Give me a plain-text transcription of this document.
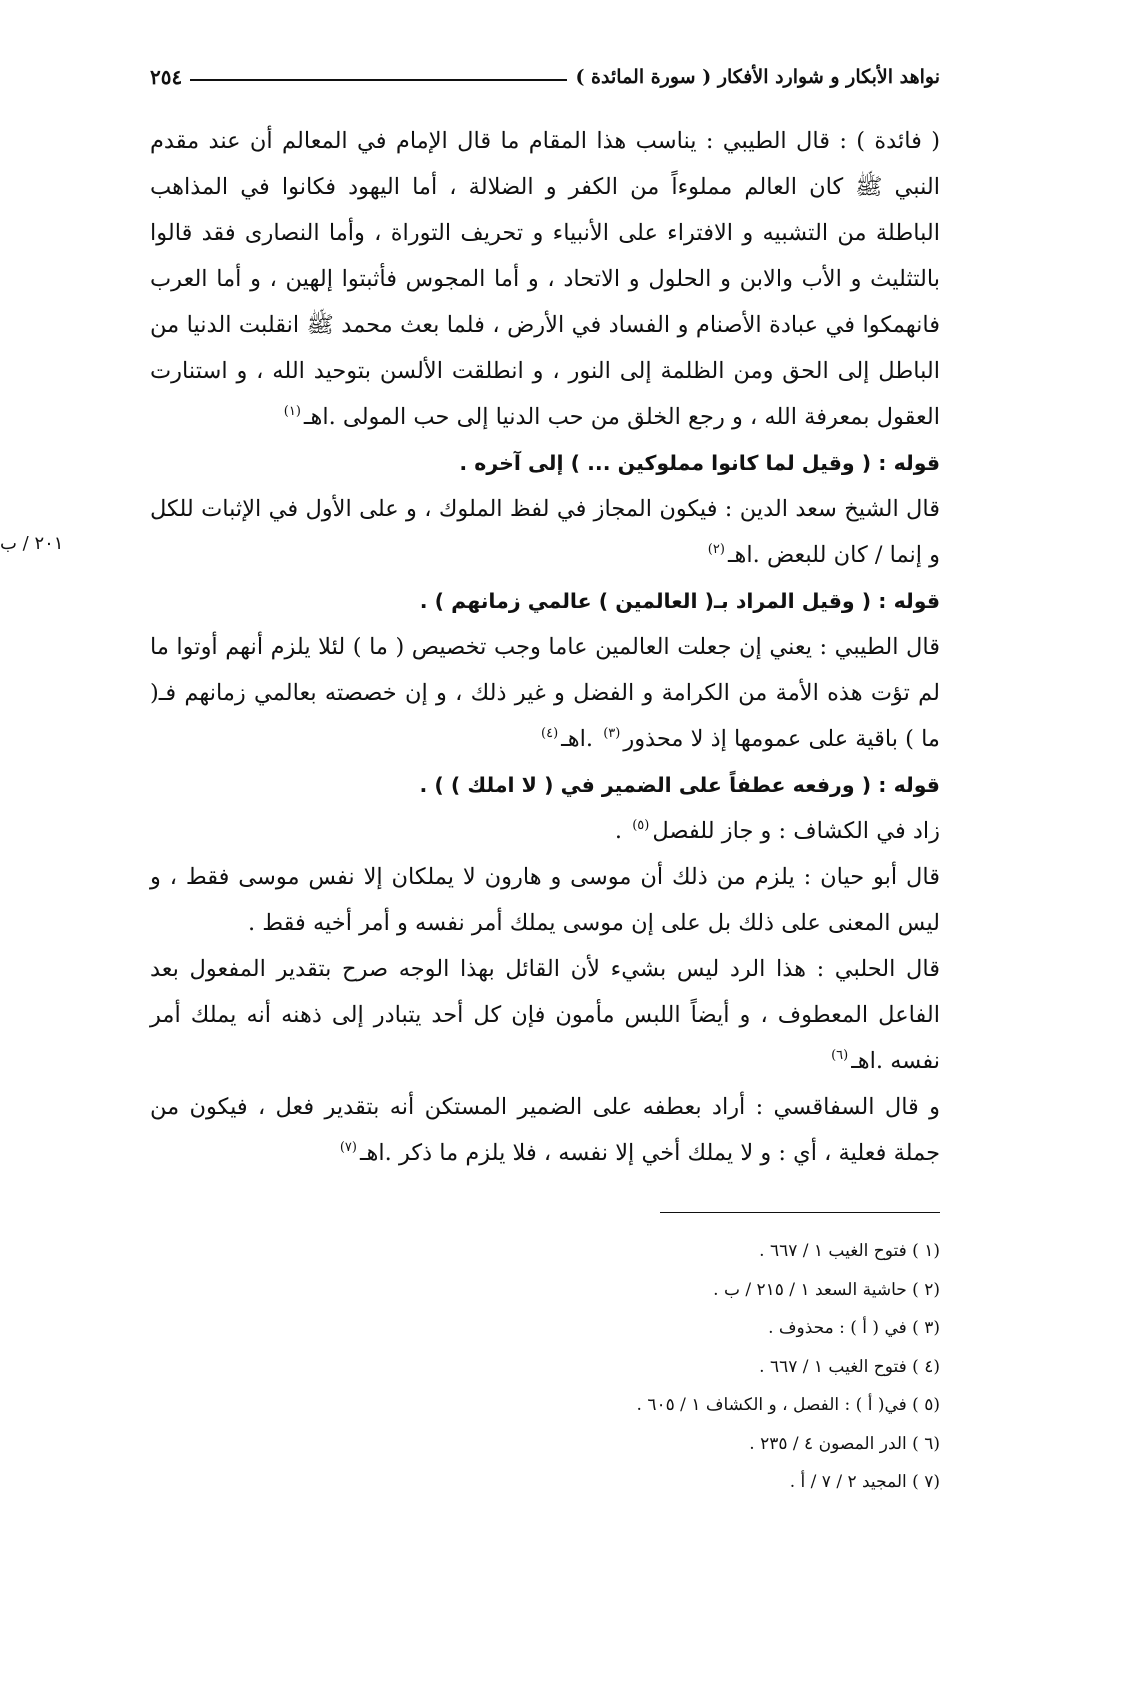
نواهد الأبكار و شوارد الأفكار ( سورة المائدة )
٢٥٤

( فائدة ) : قال الطيبي : يناسب هذا المقام ما قال الإمام في المعالم أن عند مقدم النبي ﷺ كان العالم مملوءاً من الكفر و الضلالة ، أما اليهود فكانوا في المذاهب الباطلة من التشبيه و الافتراء على الأنبياء و تحريف التوراة ، وأما النصارى فقد قالوا بالتثليث و الأب والابن و الحلول و الاتحاد ، و أما المجوس فأثبتوا إلهين ، و أما العرب فانهمكوا في عبادة الأصنام و الفساد في الأرض ، فلما بعث محمد ﷺ انقلبت الدنيا من الباطل إلى الحق ومن الظلمة إلى النور ، و انطلقت الألسن بتوحيد الله ، و استنارت العقول بمعرفة الله ، و رجع الخلق من حب الدنيا إلى حب المولى .اهـ$^{(١)}$

قوله : ( وقيل لما كانوا مملوكين ... ) إلى آخره .

قال الشيخ سعد الدين : فيكون المجاز في لفظ الملوك ، و على الأول في الإثبات للكل و إنما / كان للبعض .اهـ$^{(٢)}$

قوله : ( وقيل المراد بـ( العالمين ) عالمي زمانهم ) .

قال الطيبي : يعني إن جعلت العالمين عاما وجب تخصيص ( ما ) لئلا يلزم أنهم أوتوا ما لم تؤت هذه الأمة من الكرامة و الفضل و غير ذلك ، و إن خصصته بعالمي زمانهم فـ( ما ) باقية على عمومها إذ لا محذور$^{(٣)}$ .اهـ$^{(٤)}$

قوله : ( ورفعه عطفاً على الضمير في ( لا املك ) ) .

زاد في الكشاف : و جاز للفصل$^{(٥)}$ .

قال أبو حيان : يلزم من ذلك أن موسى و هارون لا يملكان إلا نفس موسى فقط ، و ليس المعنى على ذلك بل على إن موسى يملك أمر نفسه و أمر أخيه فقط .

قال الحلبي : هذا الرد ليس بشيء لأن القائل بهذا الوجه صرح بتقدير المفعول بعد الفاعل المعطوف ، و أيضاً اللبس مأمون فإن كل أحد يتبادر إلى ذهنه أنه يملك أمر نفسه .اهـ$^{(٦)}$

و قال السفاقسي : أراد بعطفه على الضمير المستكن أنه بتقدير فعل ، فيكون من جملة فعلية ، أي : و لا يملك أخي إلا نفسه ، فلا يلزم ما ذكر .اهـ$^{(٧)}$

(١ ) فتوح الغيب ١ / ٦٦٧ .
(٢ ) حاشية السعد ١ / ٢١٥ / ب .
(٣ ) في ( أ ) : محذوف .
(٤ ) فتوح الغيب ١ / ٦٦٧ .
(٥ ) في( أ ) : الفصل ، و الكشاف ١ / ٦٠٥ .
(٦ ) الدر المصون ٤ / ٢٣٥ .
(٧ ) المجيد ٢ / ٧ / أ .
٢٠١ / ب
